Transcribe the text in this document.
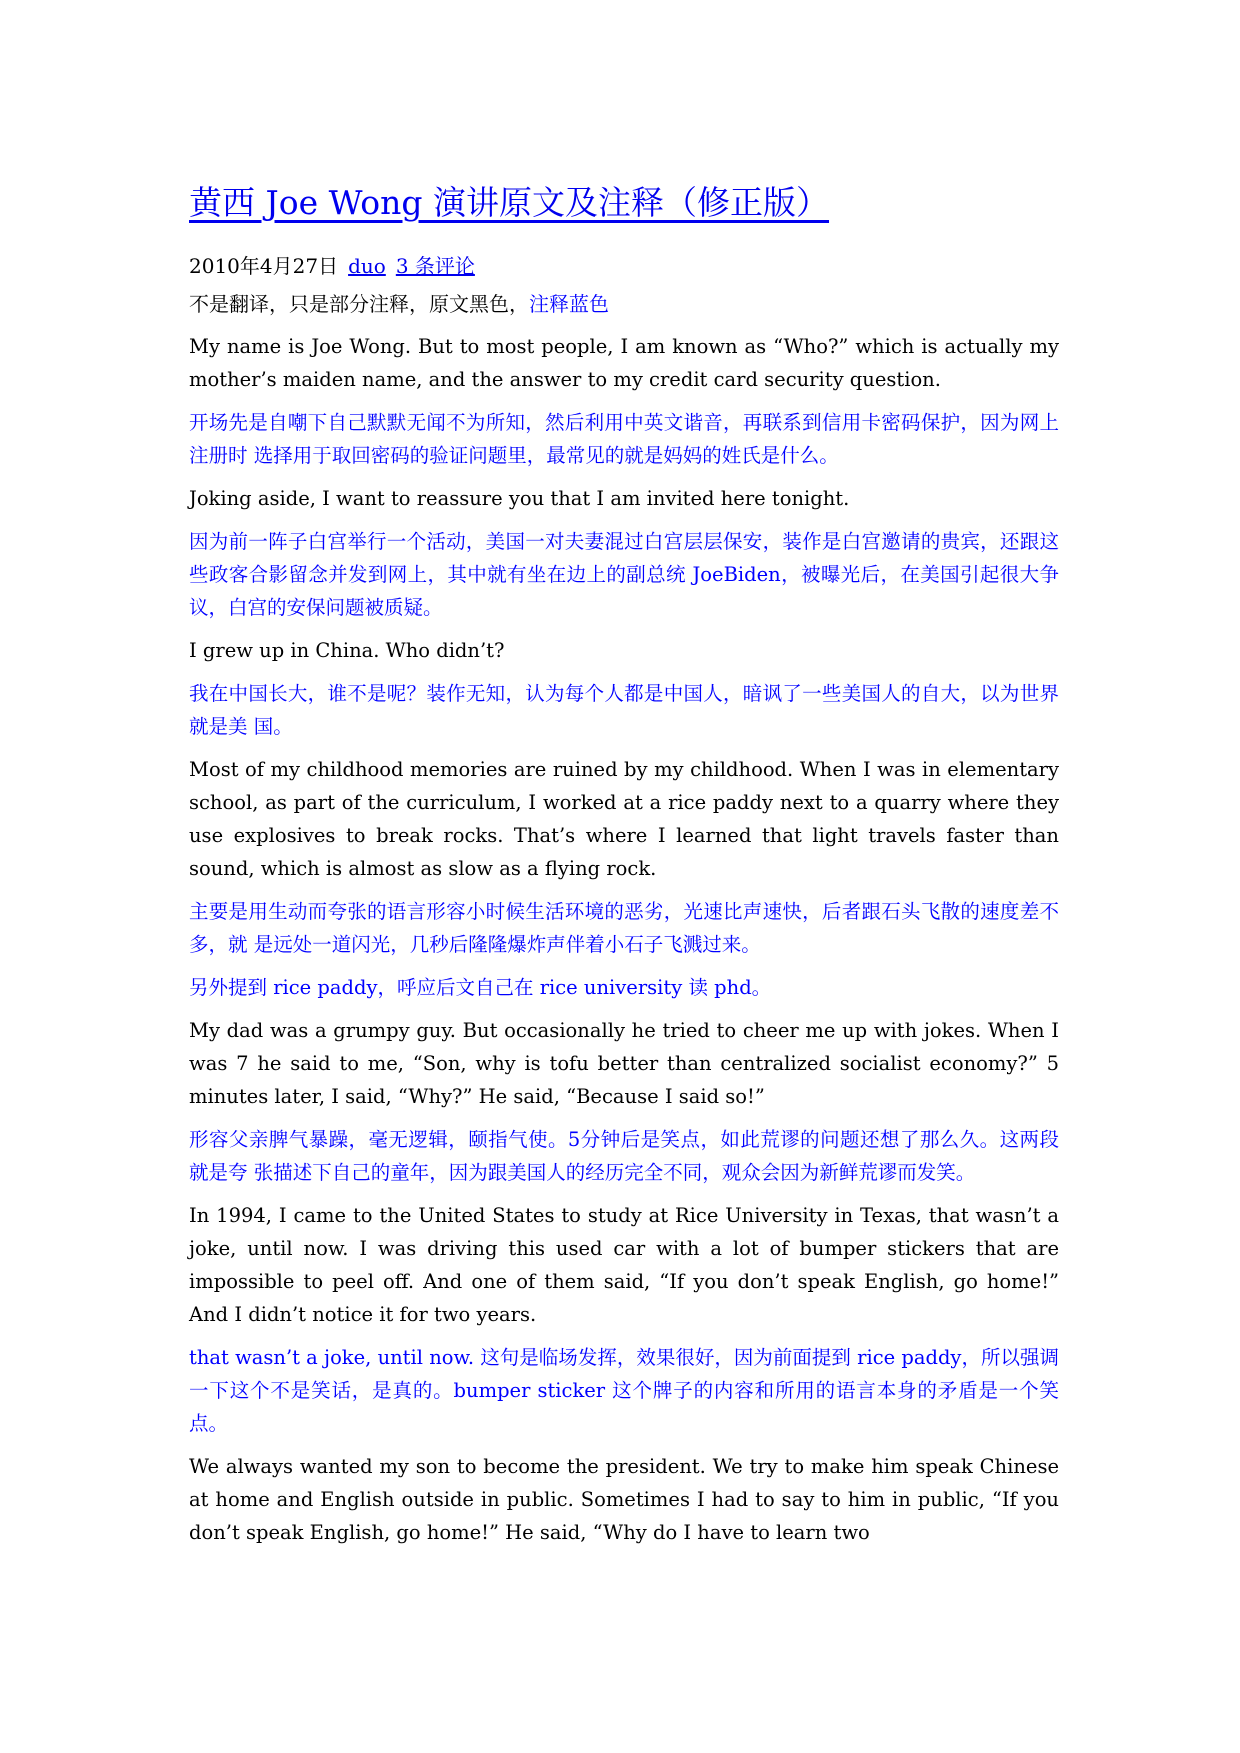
黄西 Joe Wong 演讲原文及注释（修正版）
2010年4月27日 duo 3 条评论
不是翻译，只是部分注释，原文黑色，注释蓝色

My name is Joe Wong. But to most people, I am known as “Who?” which is actually my mother’s maiden name, and the answer to my credit card security question.

开场先是自嘲下自己默默无闻不为所知，然后利用中英文谐音，再联系到信用卡密码保护，因为网上注册时 选择用于取回密码的验证问题里，最常见的就是妈妈的姓氏是什么。

Joking aside, I want to reassure you that I am invited here tonight.

因为前一阵子白宫举行一个活动，美国一对夫妻混过白宫层层保安，装作是白宫邀请的贵宾，还跟这些政客合影留念并发到网上，其中就有坐在边上的副总统 JoeBiden，被曝光后，在美国引起很大争议，白宫的安保问题被质疑。

I grew up in China. Who didn’t?

我在中国长大，谁不是呢？装作无知，认为每个人都是中国人，暗讽了一些美国人的自大，以为世界就是美 国。

Most of my childhood memories are ruined by my childhood. When I was in elementary school, as part of the curriculum, I worked at a rice paddy next to a quarry where they use explosives to break rocks. That’s where I learned that light travels faster than sound, which is almost as slow as a flying rock.

主要是用生动而夸张的语言形容小时候生活环境的恶劣，光速比声速快，后者跟石头飞散的速度差不多，就 是远处一道闪光，几秒后隆隆爆炸声伴着小石子飞溅过来。

另外提到 rice paddy，呼应后文自己在 rice university 读 phd。

My dad was a grumpy guy. But occasionally he tried to cheer me up with jokes. When I was 7 he said to me, “Son, why is tofu better than centralized socialist economy?” 5 minutes later, I said, “Why?” He said, “Because I said so!”

形容父亲脾气暴躁，毫无逻辑，颐指气使。5分钟后是笑点，如此荒谬的问题还想了那么久。这两段就是夸 张描述下自己的童年，因为跟美国人的经历完全不同，观众会因为新鲜荒谬而发笑。

In 1994, I came to the United States to study at Rice University in Texas, that wasn’t a joke, until now. I was driving this used car with a lot of bumper stickers that are impossible to peel off. And one of them said, “If you don’t speak English, go home!” And I didn’t notice it for two years.

that wasn’t a joke, until now. 这句是临场发挥，效果很好，因为前面提到 rice paddy，所以强调一下这个不是笑话，是真的。bumper sticker 这个牌子的内容和所用的语言本身的矛盾是一个笑点。

We always wanted my son to become the president. We try to make him speak Chinese at home and English outside in public. Sometimes I had to say to him in public, “If you don’t speak English, go home!” He said, “Why do I have to learn two
